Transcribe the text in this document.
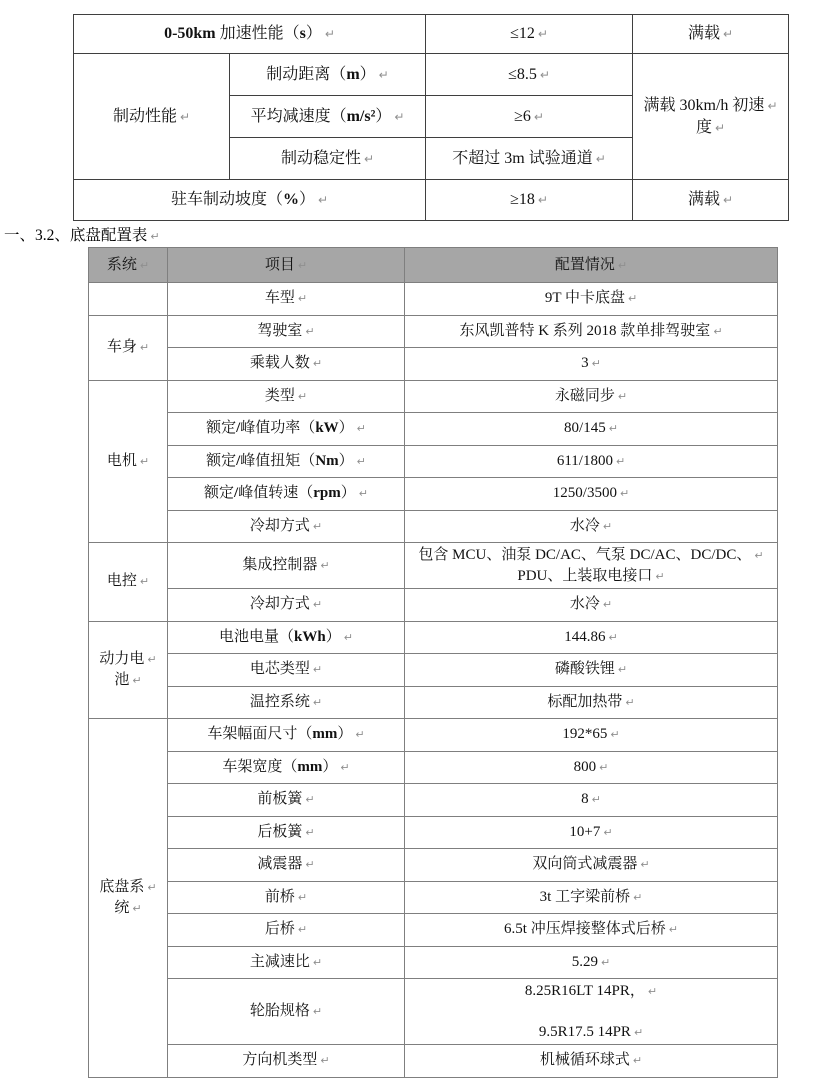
0-50km 加速性能（s） ↵		≤12 ↵	满载 ↵

制动性能 ↵	制动距离（m） ↵	≤8.5 ↵	满载 30km/h 初速 ↵
度 ↵

	平均减速度（m/s²） ↵	≥6 ↵	

	制动稳定性 ↵	不超过 3m 试验通道 ↵	

驻车制动坡度（%） ↵		≥18 ↵	满载 ↵
一、3.2、底盘配置表 ↵
系统 ↵	项目 ↵	配置情况 ↵

	车型 ↵	9T 中卡底盘 ↵

车身 ↵	驾驶室 ↵	东风凯普特 K 系列 2018 款单排驾驶室 ↵

	乘载人数 ↵	3 ↵

电机 ↵	类型 ↵	永磁同步 ↵

	额定/峰值功率（kW） ↵	80/145 ↵

	额定/峰值扭矩（Nm） ↵	611/1800 ↵

	额定/峰值转速（rpm） ↵	1250/3500 ↵

	冷却方式 ↵	水冷 ↵

电控 ↵	集成控制器 ↵	包含 MCU、油泵 DC/AC、气泵 DC/AC、DC/DC、 ↵
PDU、上装取电接口 ↵

	冷却方式 ↵	水冷 ↵

动力电 ↵
池 ↵	电池电量（kWh） ↵	144.86 ↵

	电芯类型 ↵	磷酸铁锂 ↵

	温控系统 ↵	标配加热带 ↵

底盘系 ↵
统 ↵	车架幅面尺寸（mm） ↵	192*65 ↵

	车架宽度（mm） ↵	800 ↵

	前板簧 ↵	8 ↵

	后板簧 ↵	10+7 ↵

	减震器 ↵	双向筒式减震器 ↵

	前桥 ↵	3t 工字梁前桥 ↵

	后桥 ↵	6.5t 冲压焊接整体式后桥 ↵

	主减速比 ↵	5.29 ↵

	轮胎规格 ↵	8.25R16LT 14PR， ↵

9.5R17.5 14PR ↵

	方向机类型 ↵	机械循环球式 ↵
